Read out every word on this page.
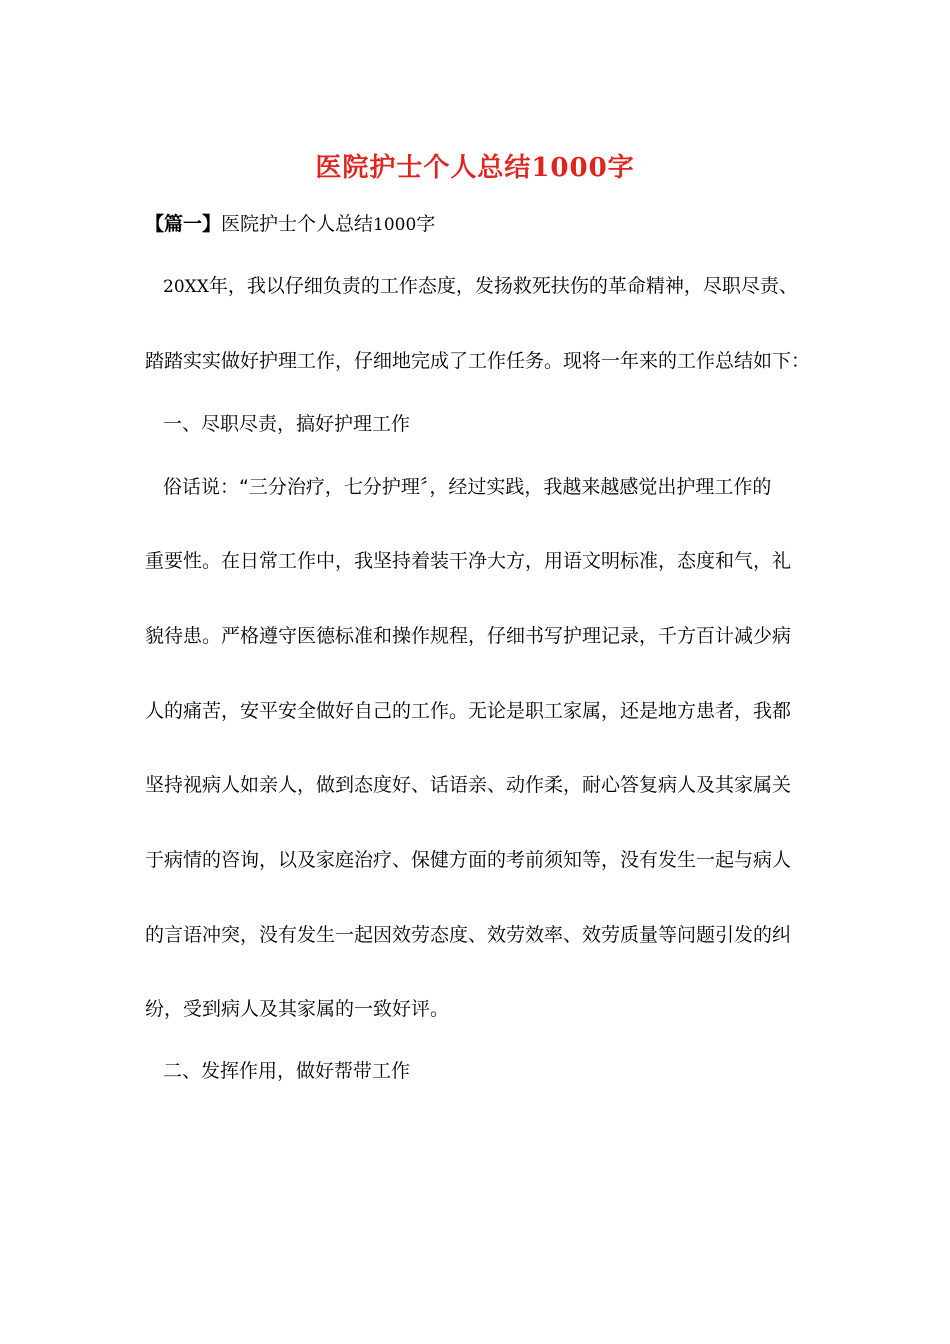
医院护士个人总结1000字
【篇一】医院护士个人总结1000字
20XX年，我以仔细负责的工作态度，发扬救死扶伤的革命精神，尽职尽责、
踏踏实实做好护理工作，仔细地完成了工作任务。现将一年来的工作总结如下：
一、尽职尽责，搞好护理工作
俗话说：“三分治疗，七分护理〞，经过实践，我越来越感觉出护理工作的
重要性。在日常工作中，我坚持着装干净大方，用语文明标准，态度和气，礼
貌待患。严格遵守医德标准和操作规程，仔细书写护理记录，千方百计减少病
人的痛苦，安平安全做好自己的工作。无论是职工家属，还是地方患者，我都
坚持视病人如亲人，做到态度好、话语亲、动作柔，耐心答复病人及其家属关
于病情的咨询，以及家庭治疗、保健方面的考前须知等，没有发生一起与病人
的言语冲突，没有发生一起因效劳态度、效劳效率、效劳质量等问题引发的纠
纷，受到病人及其家属的一致好评。
二、发挥作用，做好帮带工作
